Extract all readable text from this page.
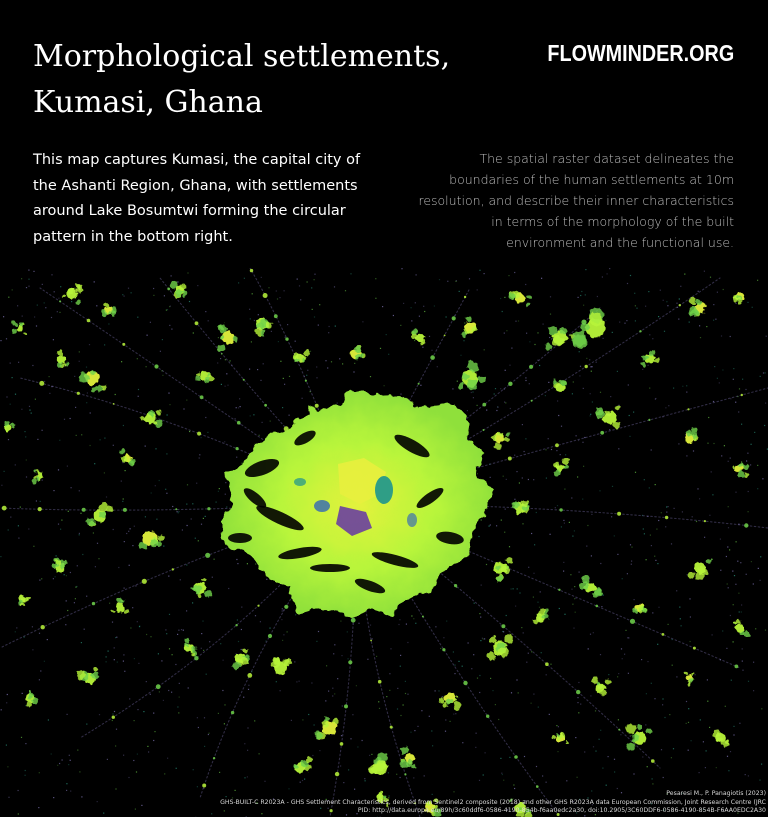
Morphological settlements,
Kumasi, Ghana
FLOWMINDER.ORG
This map captures Kumasi, the capital city of
the Ashanti Region, Ghana, with settlements
around Lake Bosumtwi forming the circular
pattern in the bottom right.
The spatial raster dataset delineates the
boundaries of the human settlements at 10m
resolution, and describe their inner characteristics
in terms of the morphology of the built
environment and the functional use.
Pesaresi M., P. Panagiotis (2023)
GHS-BUILT-C R2023A - GHS Settlement Characteristics, derived from Sentinel2 composite (2018) and other GHS R2023A data European Commission, Joint Research Centre (JRC
PID: http://data.europa.eu/89h/3c60ddf6-0586-4190-854b-f6aa0edc2a30, doi:10.2905/3C60DDF6-0586-4190-854B-F6AA0EDC2A30
